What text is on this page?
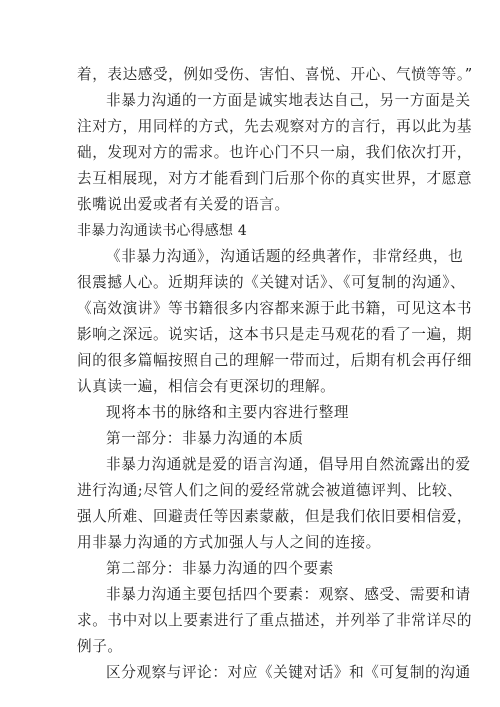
着，表达感受，例如受伤、害怕、喜悦、开心、气愤等等。”
非暴力沟通的一方面是诚实地表达自己，另一方面是关
注对方，用同样的方式，先去观察对方的言行，再以此为基
础，发现对方的需求。也许心门不只一扇，我们依次打开，
去互相展现，对方才能看到门后那个你的真实世界，才愿意
张嘴说出爱或者有关爱的语言。
非暴力沟通读书心得感想 4
《非暴力沟通》，沟通话题的经典著作，非常经典，也
很震撼人心。近期拜读的《关键对话》、《可复制的沟通》、
《高效演讲》等书籍很多内容都来源于此书籍，可见这本书
影响之深远。说实话，这本书只是走马观花的看了一遍，期
间的很多篇幅按照自己的理解一带而过，后期有机会再仔细
认真读一遍，相信会有更深切的理解。
现将本书的脉络和主要内容进行整理
第一部分：非暴力沟通的本质
非暴力沟通就是爱的语言沟通，倡导用自然流露出的爱
进行沟通;尽管人们之间的爱经常就会被道德评判、比较、
强人所难、回避责任等因素蒙蔽，但是我们依旧要相信爱，
用非暴力沟通的方式加强人与人之间的连接。
第二部分：非暴力沟通的四个要素
非暴力沟通主要包括四个要素：观察、感受、需要和请
求。书中对以上要素进行了重点描述，并列举了非常详尽的
例子。
区分观察与评论：对应《关键对话》和《可复制的沟通
